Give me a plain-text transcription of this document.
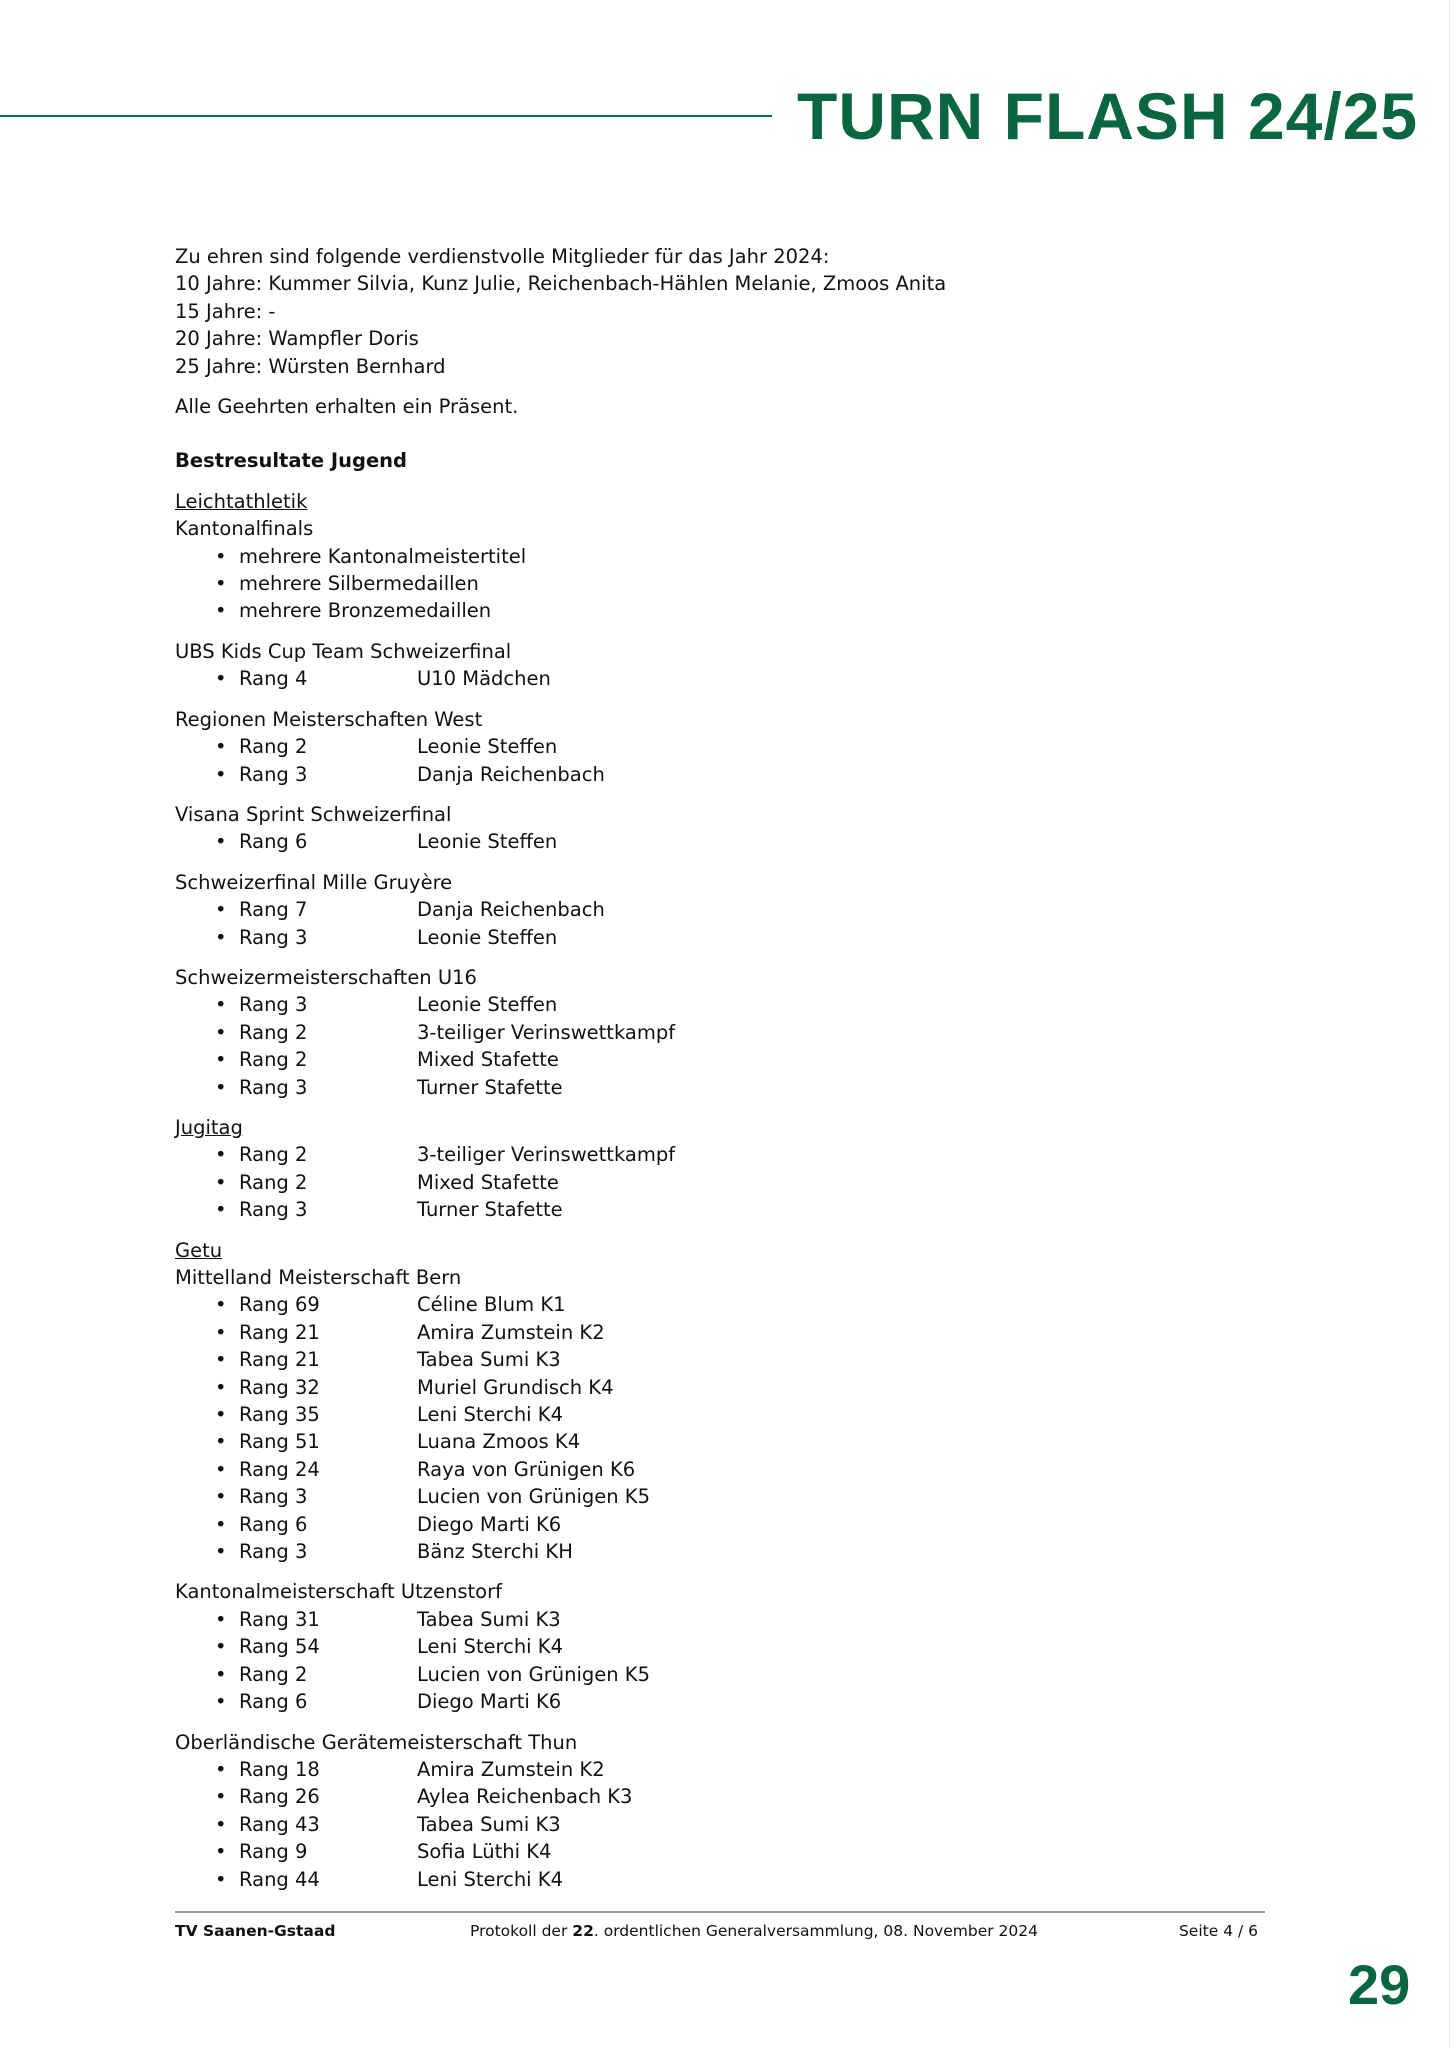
TURN FLASH 24/25
Zu ehren sind folgende verdienstvolle Mitglieder für das Jahr 2024:
10 Jahre: Kummer Silvia, Kunz Julie, Reichenbach-Hählen Melanie, Zmoos Anita
15 Jahre: -
20 Jahre: Wampfler Doris
25 Jahre: Würsten Bernhard
Alle Geehrten erhalten ein Präsent.
Bestresultate Jugend
Leichtathletik
Kantonalfinals
• mehrere Kantonalmeistertitel
• mehrere Silbermedaillen
• mehrere Bronzemedaillen
UBS Kids Cup Team Schweizerfinal
• Rang 4	U10 Mädchen
Regionen Meisterschaften West
• Rang 2	Leonie Steffen
• Rang 3	Danja Reichenbach
Visana Sprint Schweizerfinal
• Rang 6	Leonie Steffen
Schweizerfinal Mille Gruyère
• Rang 7	Danja Reichenbach
• Rang 3	Leonie Steffen
Schweizermeisterschaften U16
• Rang 3	Leonie Steffen
• Rang 2	3-teiliger Verinswettkampf
• Rang 2	Mixed Stafette
• Rang 3	Turner Stafette
Jugitag
• Rang 2	3-teiliger Verinswettkampf
• Rang 2	Mixed Stafette
• Rang 3	Turner Stafette
Getu
Mittelland Meisterschaft Bern
• Rang 69	Céline Blum K1
• Rang 21	Amira Zumstein K2
• Rang 21	Tabea Sumi K3
• Rang 32	Muriel Grundisch K4
• Rang 35	Leni Sterchi K4
• Rang 51	Luana Zmoos K4
• Rang 24	Raya von Grünigen K6
• Rang 3	Lucien von Grünigen K5
• Rang 6	Diego Marti K6
• Rang 3	Bänz Sterchi KH
Kantonalmeisterschaft Utzenstorf
• Rang 31	Tabea Sumi K3
• Rang 54	Leni Sterchi K4
• Rang 2	Lucien von Grünigen K5
• Rang 6	Diego Marti K6
Oberländische Gerätemeisterschaft Thun
• Rang 18	Amira Zumstein K2
• Rang 26	Aylea Reichenbach K3
• Rang 43	Tabea Sumi K3
• Rang 9	Sofia Lüthi K4
• Rang 44	Leni Sterchi K4
TV Saanen-Gstaad	Protokoll der 22. ordentlichen Generalversammlung, 08. November 2024	Seite 4 / 6
29
